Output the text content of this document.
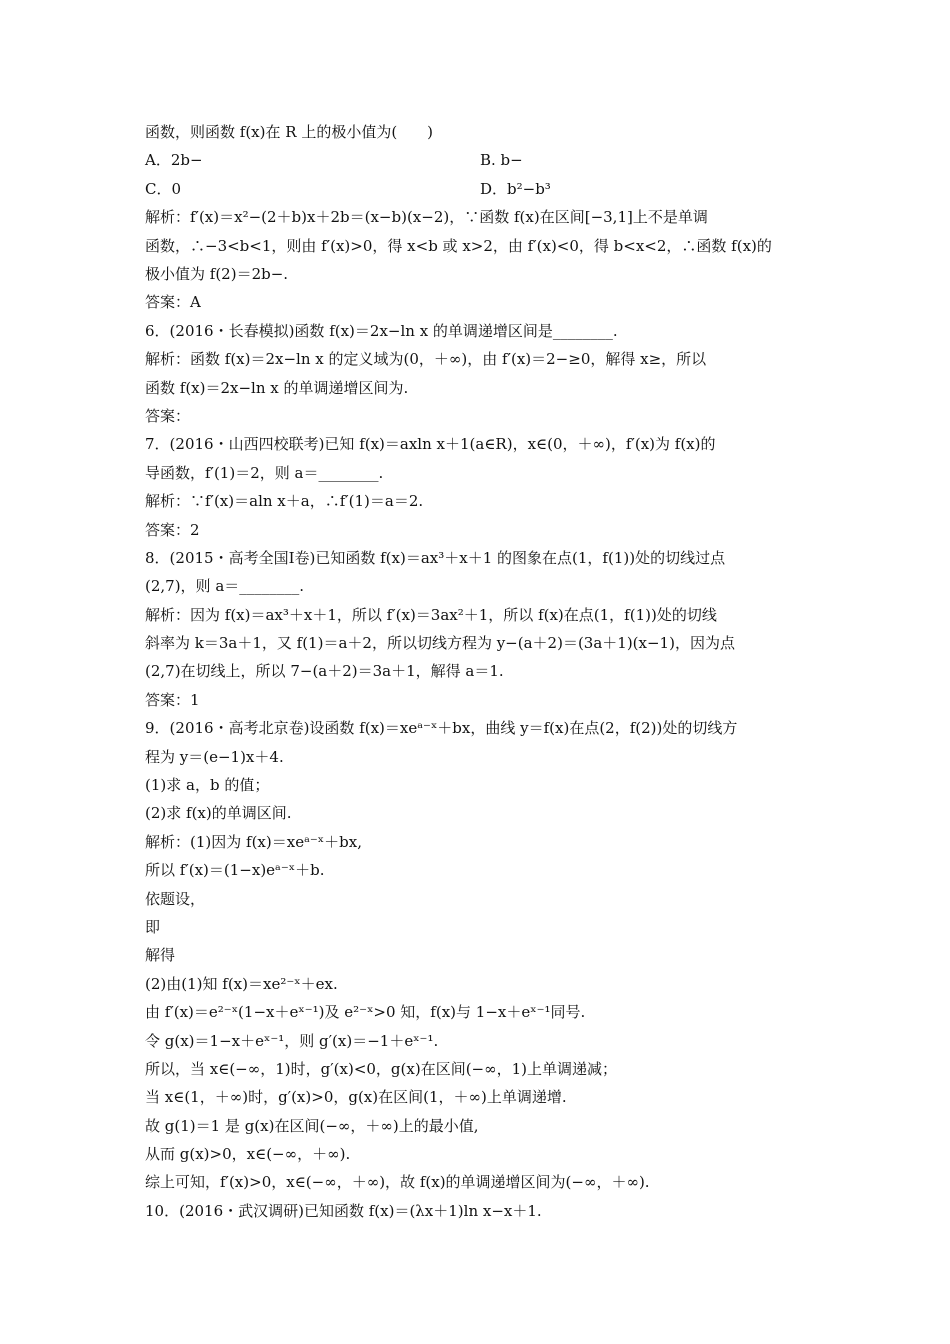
函数，则函数 f(x)在 R 上的极小值为(　　)
A．2b−	B. b−
C．0	D．b²−b³
解析：f′(x)＝x²−(2＋b)x＋2b＝(x−b)(x−2)，∵函数 f(x)在区间[−3,1]上不是单调
函数，∴−3<b<1，则由 f′(x)>0，得 x<b 或 x>2，由 f′(x)<0，得 b<x<2，∴函数 f(x)的
极小值为 f(2)＝2b−.
答案：A
6．(2016・长春模拟)函数 f(x)＝2x−ln x 的单调递增区间是________.
解析：函数 f(x)＝2x−ln x 的定义域为(0，＋∞)，由 f′(x)＝2−≥0，解得 x≥，所以
函数 f(x)＝2x−ln x 的单调递增区间为.
答案：
7．(2016・山西四校联考)已知 f(x)＝axln x＋1(a∈R)，x∈(0，＋∞)，f′(x)为 f(x)的
导函数，f′(1)＝2，则 a＝________.
解析：∵f′(x)＝aln x＋a，∴f′(1)＝a＝2.
答案：2
8．(2015・高考全国Ⅰ卷)已知函数 f(x)＝ax³＋x＋1 的图象在点(1，f(1))处的切线过点
(2,7)，则 a＝________.
解析：因为 f(x)＝ax³＋x＋1，所以 f′(x)＝3ax²＋1，所以 f(x)在点(1，f(1))处的切线
斜率为 k＝3a＋1，又 f(1)＝a＋2，所以切线方程为 y−(a＋2)＝(3a＋1)(x−1)，因为点
(2,7)在切线上，所以 7−(a＋2)＝3a＋1，解得 a＝1.
答案：1
9．(2016・高考北京卷)设函数 f(x)＝xeᵃ⁻ˣ＋bx，曲线 y＝f(x)在点(2，f(2))处的切线方
程为 y＝(e−1)x＋4.
(1)求 a，b 的值；
(2)求 f(x)的单调区间.
解析：(1)因为 f(x)＝xeᵃ⁻ˣ＋bx,
所以 f′(x)＝(1−x)eᵃ⁻ˣ＋b.
依题设，
即
解得
(2)由(1)知 f(x)＝xe²⁻ˣ＋ex.
由 f′(x)＝e²⁻ˣ(1−x＋eˣ⁻¹)及 e²⁻ˣ>0 知，f(x)与 1−x＋eˣ⁻¹同号.
令 g(x)＝1−x＋eˣ⁻¹，则 g′(x)＝−1＋eˣ⁻¹.
所以，当 x∈(−∞，1)时，g′(x)<0，g(x)在区间(−∞，1)上单调递减；
当 x∈(1，＋∞)时，g′(x)>0，g(x)在区间(1，＋∞)上单调递增.
故 g(1)＝1 是 g(x)在区间(−∞，＋∞)上的最小值,
从而 g(x)>0，x∈(−∞，＋∞).
综上可知，f′(x)>0，x∈(−∞，＋∞)，故 f(x)的单调递增区间为(−∞，＋∞).
10．(2016・武汉调研)已知函数 f(x)＝(λx＋1)ln x−x＋1.
